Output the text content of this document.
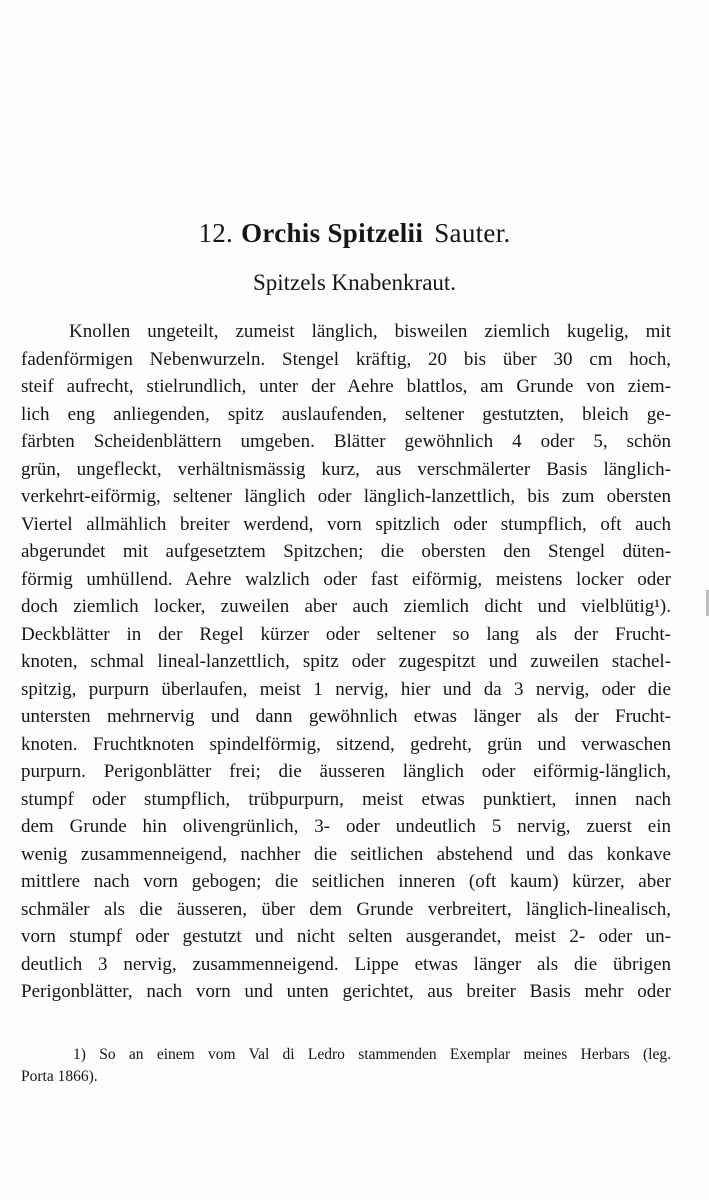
12. Orchis Spitzelii Sauter.
Spitzels Knabenkraut.
Knollen ungeteilt, zumeist länglich, bisweilen ziemlich kugelig, mit
fadenförmigen Nebenwurzeln. Stengel kräftig, 20 bis über 30 cm hoch,
steif aufrecht, stielrundlich, unter der Aehre blattlos, am Grunde von ziem-
lich eng anliegenden, spitz auslaufenden, seltener gestutzten, bleich ge-
färbten Scheidenblättern umgeben. Blätter gewöhnlich 4 oder 5, schön
grün, ungefleckt, verhältnismässig kurz, aus verschmälerter Basis länglich-
verkehrt-eiförmig, seltener länglich oder länglich-lanzettlich, bis zum obersten
Viertel allmählich breiter werdend, vorn spitzlich oder stumpflich, oft auch
abgerundet mit aufgesetztem Spitzchen; die obersten den Stengel düten-
förmig umhüllend. Aehre walzlich oder fast eiförmig, meistens locker oder
doch ziemlich locker, zuweilen aber auch ziemlich dicht und vielblütig¹).
Deckblätter in der Regel kürzer oder seltener so lang als der Frucht-
knoten, schmal lineal-lanzettlich, spitz oder zugespitzt und zuweilen stachel-
spitzig, purpurn überlaufen, meist 1 nervig, hier und da 3 nervig, oder die
untersten mehrnervig und dann gewöhnlich etwas länger als der Frucht-
knoten. Fruchtknoten spindelförmig, sitzend, gedreht, grün und verwaschen
purpurn. Perigonblätter frei; die äusseren länglich oder eiförmig-länglich,
stumpf oder stumpflich, trübpurpurn, meist etwas punktiert, innen nach
dem Grunde hin olivengrünlich, 3- oder undeutlich 5 nervig, zuerst ein
wenig zusammenneigend, nachher die seitlichen abstehend und das konkave
mittlere nach vorn gebogen; die seitlichen inneren (oft kaum) kürzer, aber
schmäler als die äusseren, über dem Grunde verbreitert, länglich-linealisch,
vorn stumpf oder gestutzt und nicht selten ausgerandet, meist 2- oder un-
deutlich 3 nervig, zusammenneigend. Lippe etwas länger als die übrigen
Perigonblätter, nach vorn und unten gerichtet, aus breiter Basis mehr oder
1) So an einem vom Val di Ledro stammenden Exemplar meines Herbars (leg.
Porta 1866).
